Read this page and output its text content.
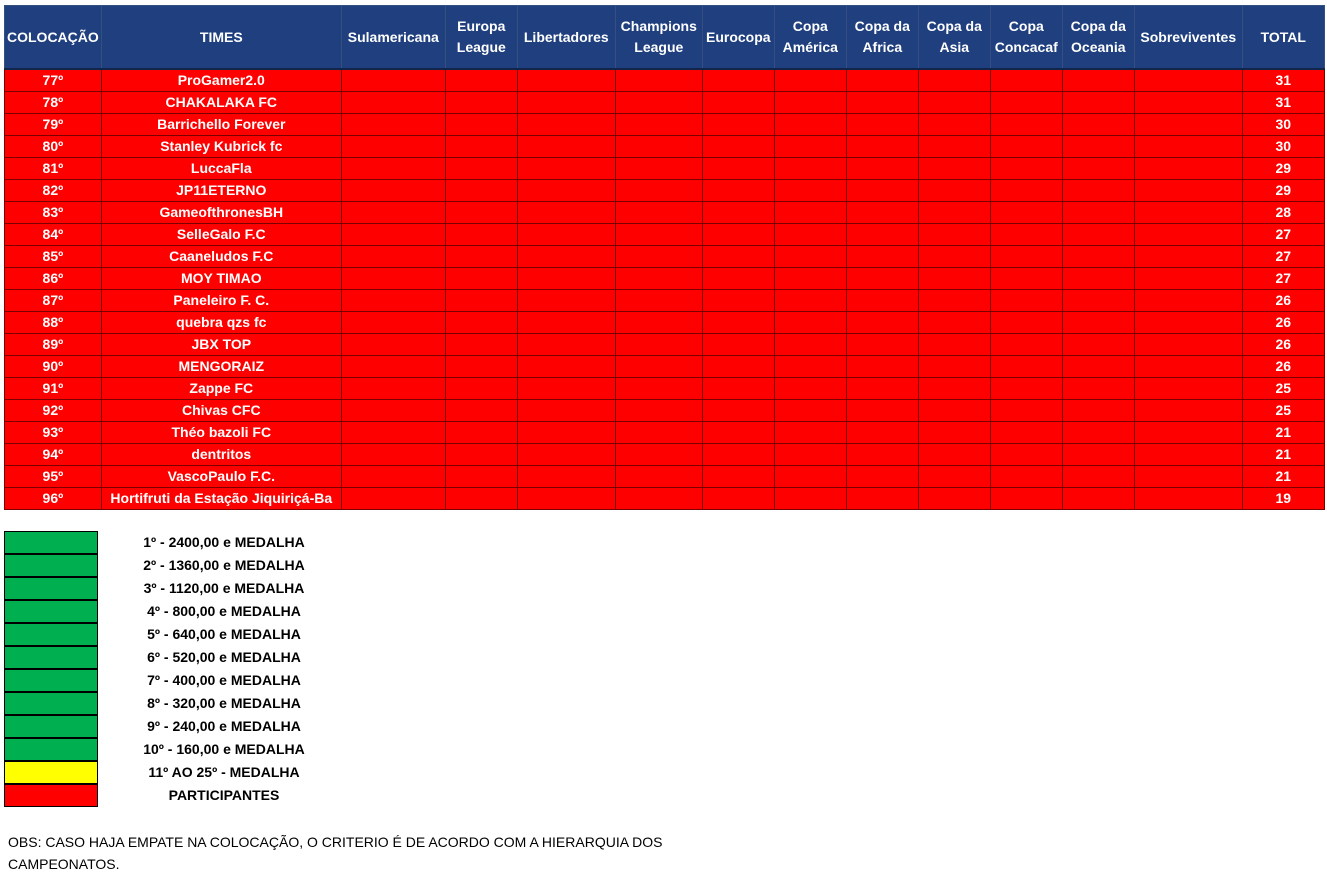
COLOCAÇÃO	TIMES	Sulamericana	Europa League	Libertadores	Champions League	Eurocopa	Copa América	Copa da Africa	Copa da Asia	Copa Concacaf	Copa da Oceania	Sobreviventes	TOTAL
77º	ProGamer2.0												31
78º	CHAKALAKA FC												31
79º	Barrichello Forever												30
80º	Stanley Kubrick fc												30
81º	LuccaFla												29
82º	JP11ETERNO												29
83º	GameofthronesBH												28
84º	SelleGalo F.C												27
85º	Caaneludos F.C												27
86º	MOY TIMAO												27
87º	Paneleiro F. C.												26
88º	quebra qzs fc												26
89º	JBX TOP												26
90º	MENGORAIZ												26
91º	Zappe FC												25
92º	Chivas CFC												25
93º	Théo bazoli FC												21
94º	dentritos												21
95º	VascoPaulo F.C.												21
96º	Hortifruti da Estação Jiquiriçá-Ba												19
1º - 2400,00 e MEDALHA
2º - 1360,00 e MEDALHA
3º - 1120,00 e MEDALHA
4º - 800,00 e MEDALHA
5º - 640,00 e MEDALHA
6º - 520,00 e MEDALHA
7º - 400,00 e MEDALHA
8º - 320,00 e MEDALHA
9º - 240,00 e MEDALHA
10º - 160,00 e MEDALHA
11º AO 25º - MEDALHA
PARTICIPANTES
OBS: CASO HAJA EMPATE NA COLOCAÇÃO, O CRITERIO É DE ACORDO COM A HIERARQUIA DOS CAMPEONATOS.
